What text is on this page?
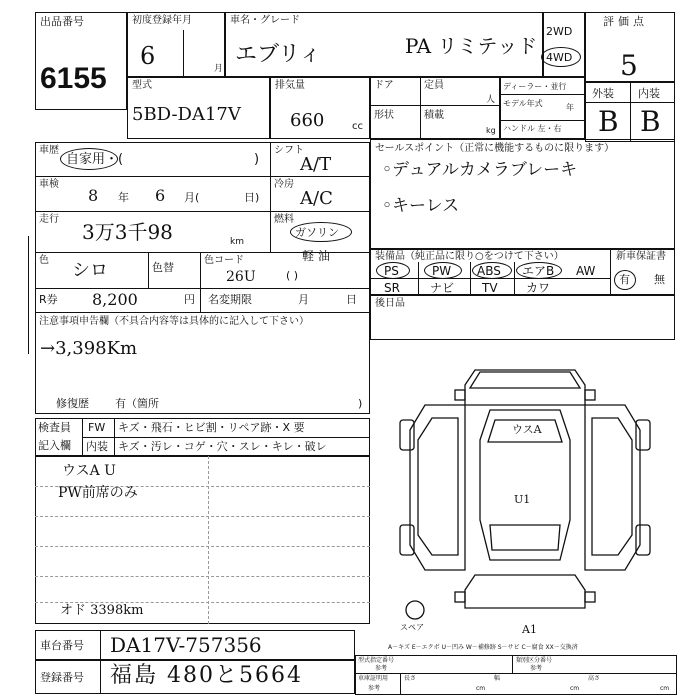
出品番号
6155
初度登録年月
6	月
車名・グレード
エブリィ	PA リミテッド
2WD
4WD
評価点
5
外装 内装
B B
型式
5BD-DA17V
排気量
660	cc
ドア	定員
人
形状	積載
kg
ディーラー・並行
モデル年式	年
ハンドル 左・右
車歴
自家用・(	)
シフト
A/T
冷房
A/C
燃料
ガソリン
軽油
( )
車検
8 年 6 月(	日)
走行
3万3千98	km
色 シロ	色替
色コード
26U
R券 8,200	円 名変期限	月	日
注意事項申告欄（不具合内容等は具体的に記入して下さい）
→3,398Km
修復歴 有（箇所	)
セールスポイント（正常に機能するものに限ります）
◦デュアルカメラブレーキ
◦キーレス
装備品（純正品に限り○をつけて下さい）	新車保証書
PS	PW ABS エアB AW
SR	ナビ TV カワ
有 無
後日品
検査員
記入欄
FW キズ・飛石・ヒビ割・リペア跡・X 要
内装 キズ・汚レ・コゲ・穴・スレ・キレ・破レ
ウスA U
PW前席のみ
オド 3398km
ウスA
U1
A1
スペア
A－キズ E－エクボ U－凹み W－補修跡 S－サビ C－腐食 XX－交換済
車台番号 DA17V-757356
登録番号 福島 480と5664
型式指定番号
参考
類別区分番号
参考
車庫証明用
参考
長さ
cm
幅
cm
高さ
cm
